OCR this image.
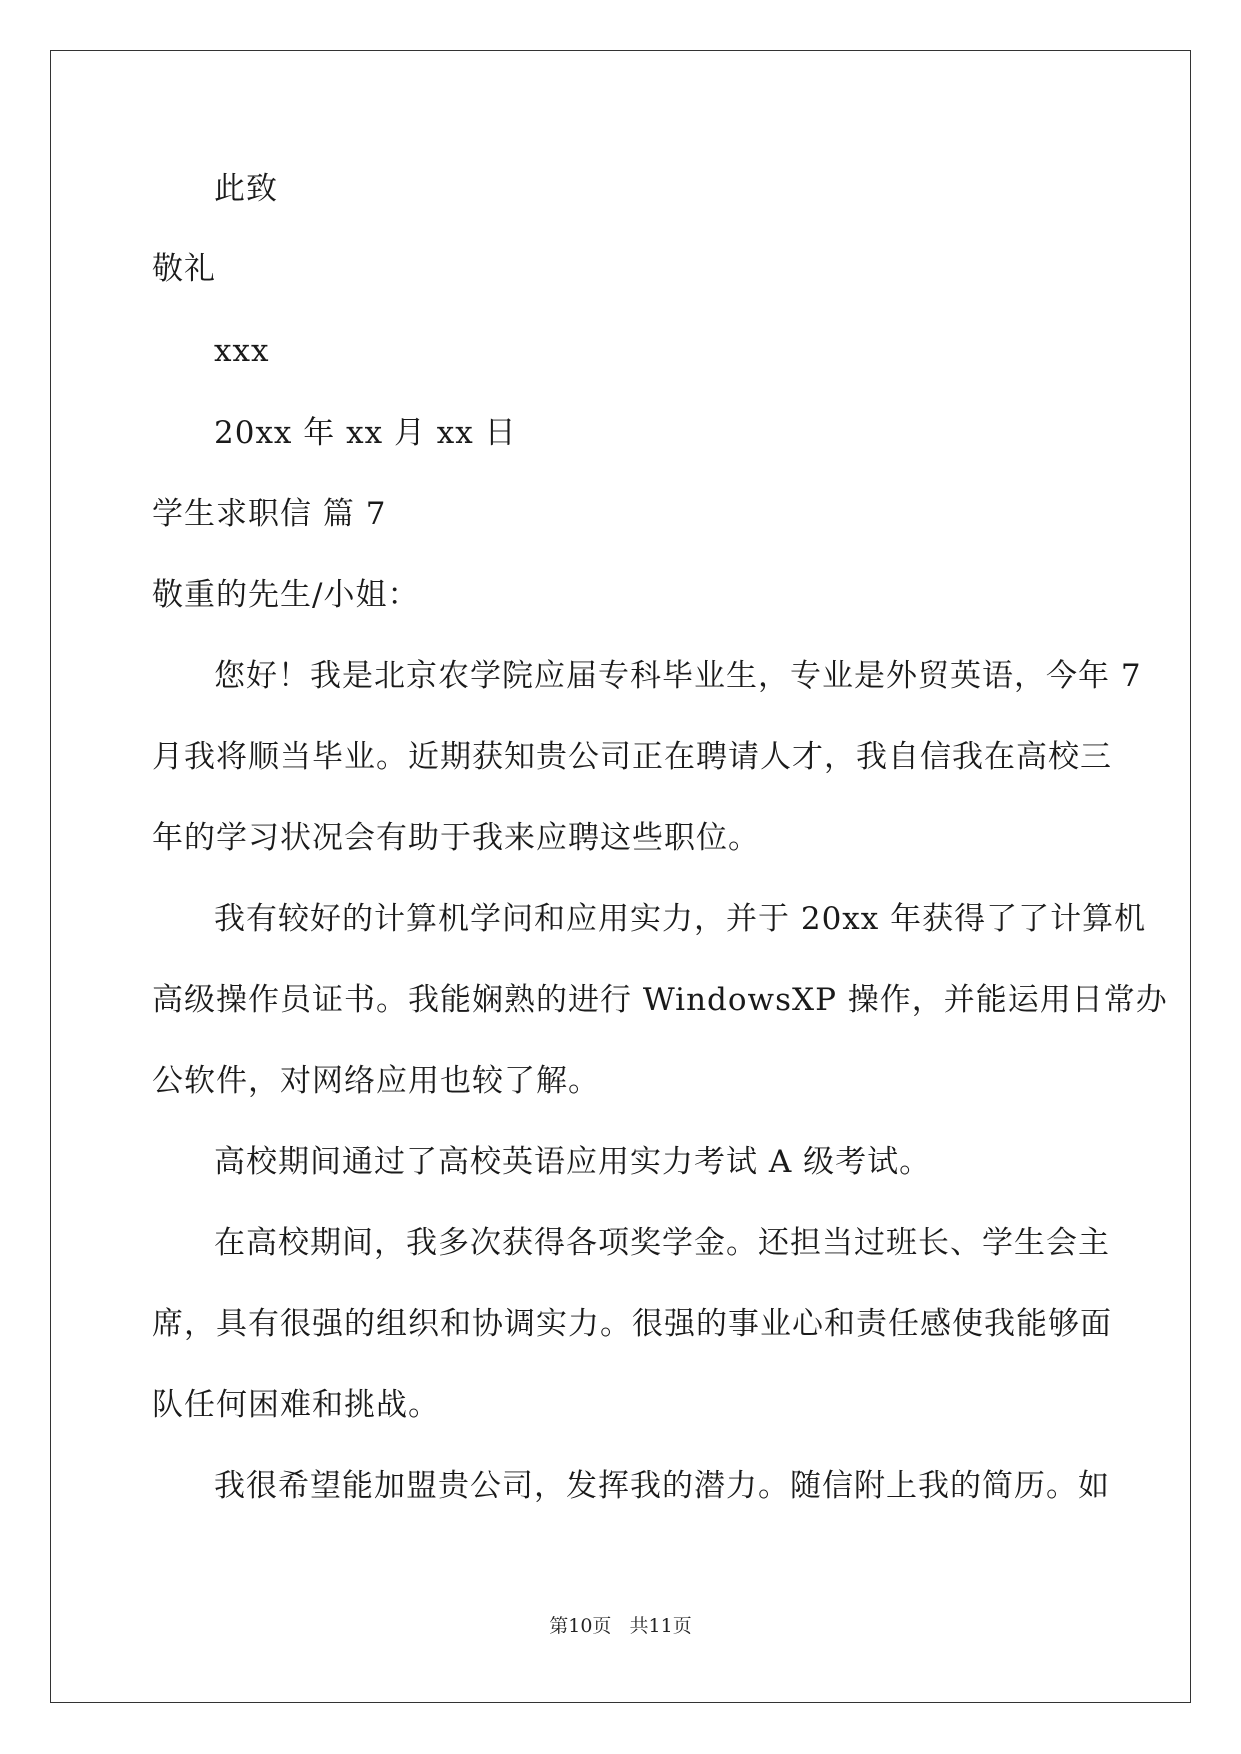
此致
敬礼
xxx
20xx 年 xx 月 xx 日
学生求职信 篇 7
敬重的先生/小姐：
您好！我是北京农学院应届专科毕业生，专业是外贸英语，今年 7
月我将顺当毕业。近期获知贵公司正在聘请人才，我自信我在高校三
年的学习状况会有助于我来应聘这些职位。
我有较好的计算机学问和应用实力，并于 20xx 年获得了了计算机
高级操作员证书。我能娴熟的进行 WindowsXP 操作，并能运用日常办
公软件，对网络应用也较了解。
高校期间通过了高校英语应用实力考试 A 级考试。
在高校期间，我多次获得各项奖学金。还担当过班长、学生会主
席，具有很强的组织和协调实力。很强的事业心和责任感使我能够面
队任何困难和挑战。
我很希望能加盟贵公司，发挥我的潜力。随信附上我的简历。如
第10页   共11页
